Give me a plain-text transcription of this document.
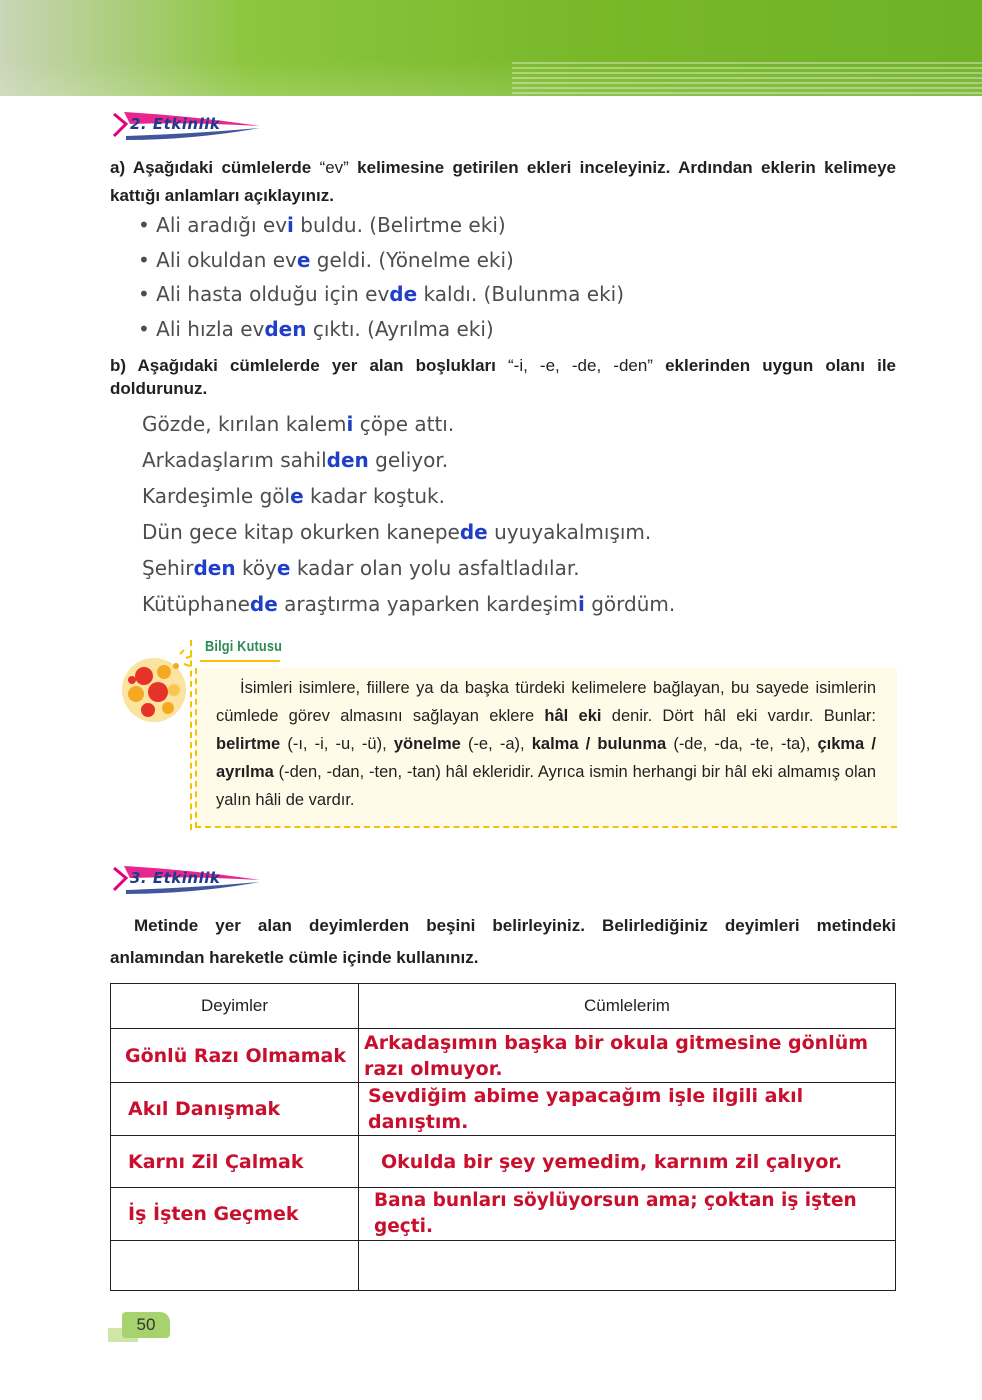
2. Etkinlik
a) Aşağıdaki cümlelerde “ev” kelimesine getirilen ekleri inceleyiniz. Ardından eklerin kelimeye kattığı anlamları açıklayınız.
• Ali aradığı evi buldu. (Belirtme eki)
• Ali okuldan eve geldi. (Yönelme eki)
• Ali hasta olduğu için evde kaldı. (Bulunma eki)
• Ali hızla evden çıktı. (Ayrılma eki)
b) Aşağıdaki cümlelerde yer alan boşlukları “-i, -e, -de, -den” eklerinden uygun olanı ile doldurunuz.
Gözde, kırılan kalemi çöpe attı.
Arkadaşlarım sahilden geliyor.
Kardeşimle göle kadar koştuk.
Dün gece kitap okurken kanepede uyuyakalmışım.
Şehirden köye kadar olan yolu asfaltladılar.
Kütüphanede araştırma yaparken kardeşimi gördüm.
Bilgi Kutusu
İsimleri isimlere, fiillere ya da başka türdeki kelimelere bağlayan, bu sayede isimlerin cümlede görev almasını sağlayan eklere hâl eki denir. Dört hâl eki vardır. Bunlar: belirtme (-ı, -i, -u, -ü), yönelme (-e, -a), kalma / bulunma (-de, -da, -te, -ta), çıkma / ayrılma (-den, -dan, -ten, -tan) hâl ekleridir. Ayrıca ismin herhangi bir hâl eki almamış olan yalın hâli de vardır.
3. Etkinlik
Metinde yer alan deyimlerden beşini belirleyiniz. Belirlediğiniz deyimleri metindeki anlamından hareketle cümle içinde kullanınız.
Deyimler	Cümlelerim
Gönlü Razı Olmamak	Arkadaşımın başka bir okula gitmesine gönlüm razı olmuyor.
Akıl Danışmak	Sevdiğim abime yapacağım işle ilgili akıl danıştım.
Karnı Zil Çalmak	Okulda bir şey yemedim, karnım zil çalıyor.
İş İşten Geçmek	Bana bunları söylüyorsun ama; çoktan iş işten geçti.

50
